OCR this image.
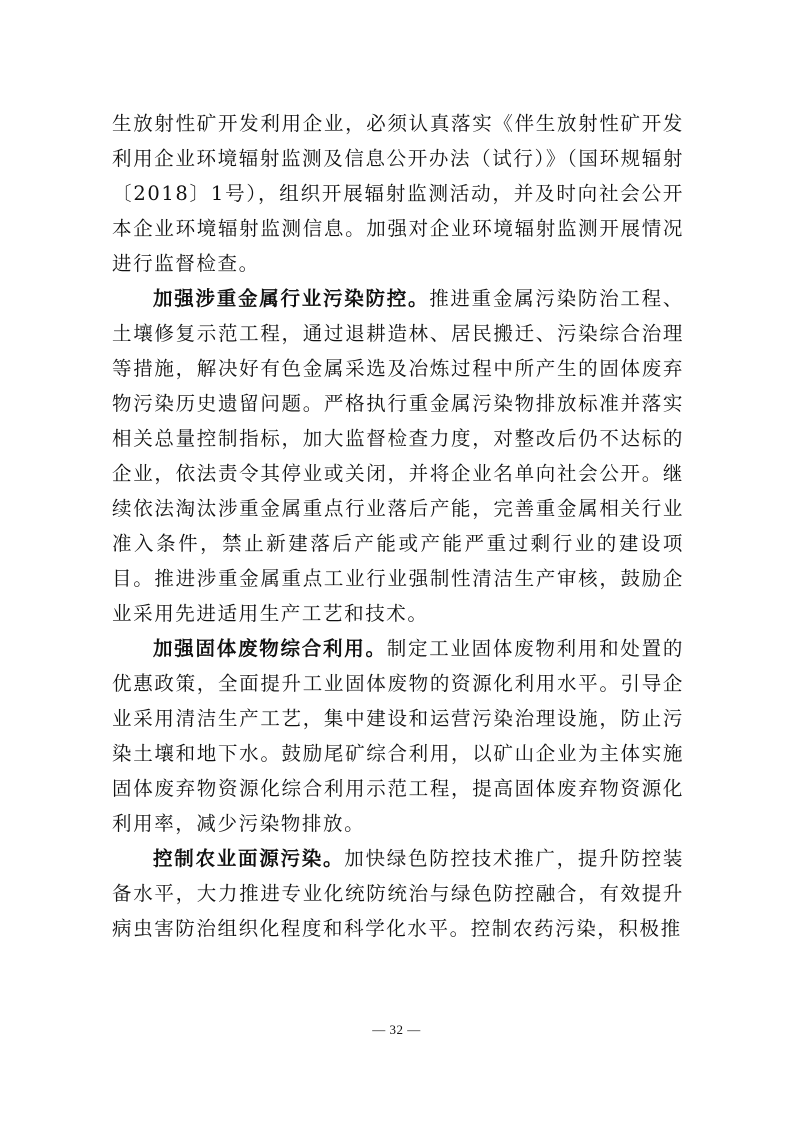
生放射性矿开发利用企业，必须认真落实《伴生放射性矿开发利用企业环境辐射监测及信息公开办法（试行）》（国环规辐射〔2018〕1号），组织开展辐射监测活动，并及时向社会公开本企业环境辐射监测信息。加强对企业环境辐射监测开展情况进行监督检查。

加强涉重金属行业污染防控。推进重金属污染防治工程、土壤修复示范工程，通过退耕造林、居民搬迁、污染综合治理等措施，解决好有色金属采选及冶炼过程中所产生的固体废弃物污染历史遗留问题。严格执行重金属污染物排放标准并落实相关总量控制指标，加大监督检查力度，对整改后仍不达标的企业，依法责令其停业或关闭，并将企业名单向社会公开。继续依法淘汰涉重金属重点行业落后产能，完善重金属相关行业准入条件，禁止新建落后产能或产能严重过剩行业的建设项目。推进涉重金属重点工业行业强制性清洁生产审核，鼓励企业采用先进适用生产工艺和技术。

加强固体废物综合利用。制定工业固体废物利用和处置的优惠政策，全面提升工业固体废物的资源化利用水平。引导企业采用清洁生产工艺，集中建设和运营污染治理设施，防止污染土壤和地下水。鼓励尾矿综合利用，以矿山企业为主体实施固体废弃物资源化综合利用示范工程，提高固体废弃物资源化利用率，减少污染物排放。

控制农业面源污染。加快绿色防控技术推广，提升防控装备水平，大力推进专业化统防统治与绿色防控融合，有效提升病虫害防治组织化程度和科学化水平。控制农药污染，积极推

— 32 —
